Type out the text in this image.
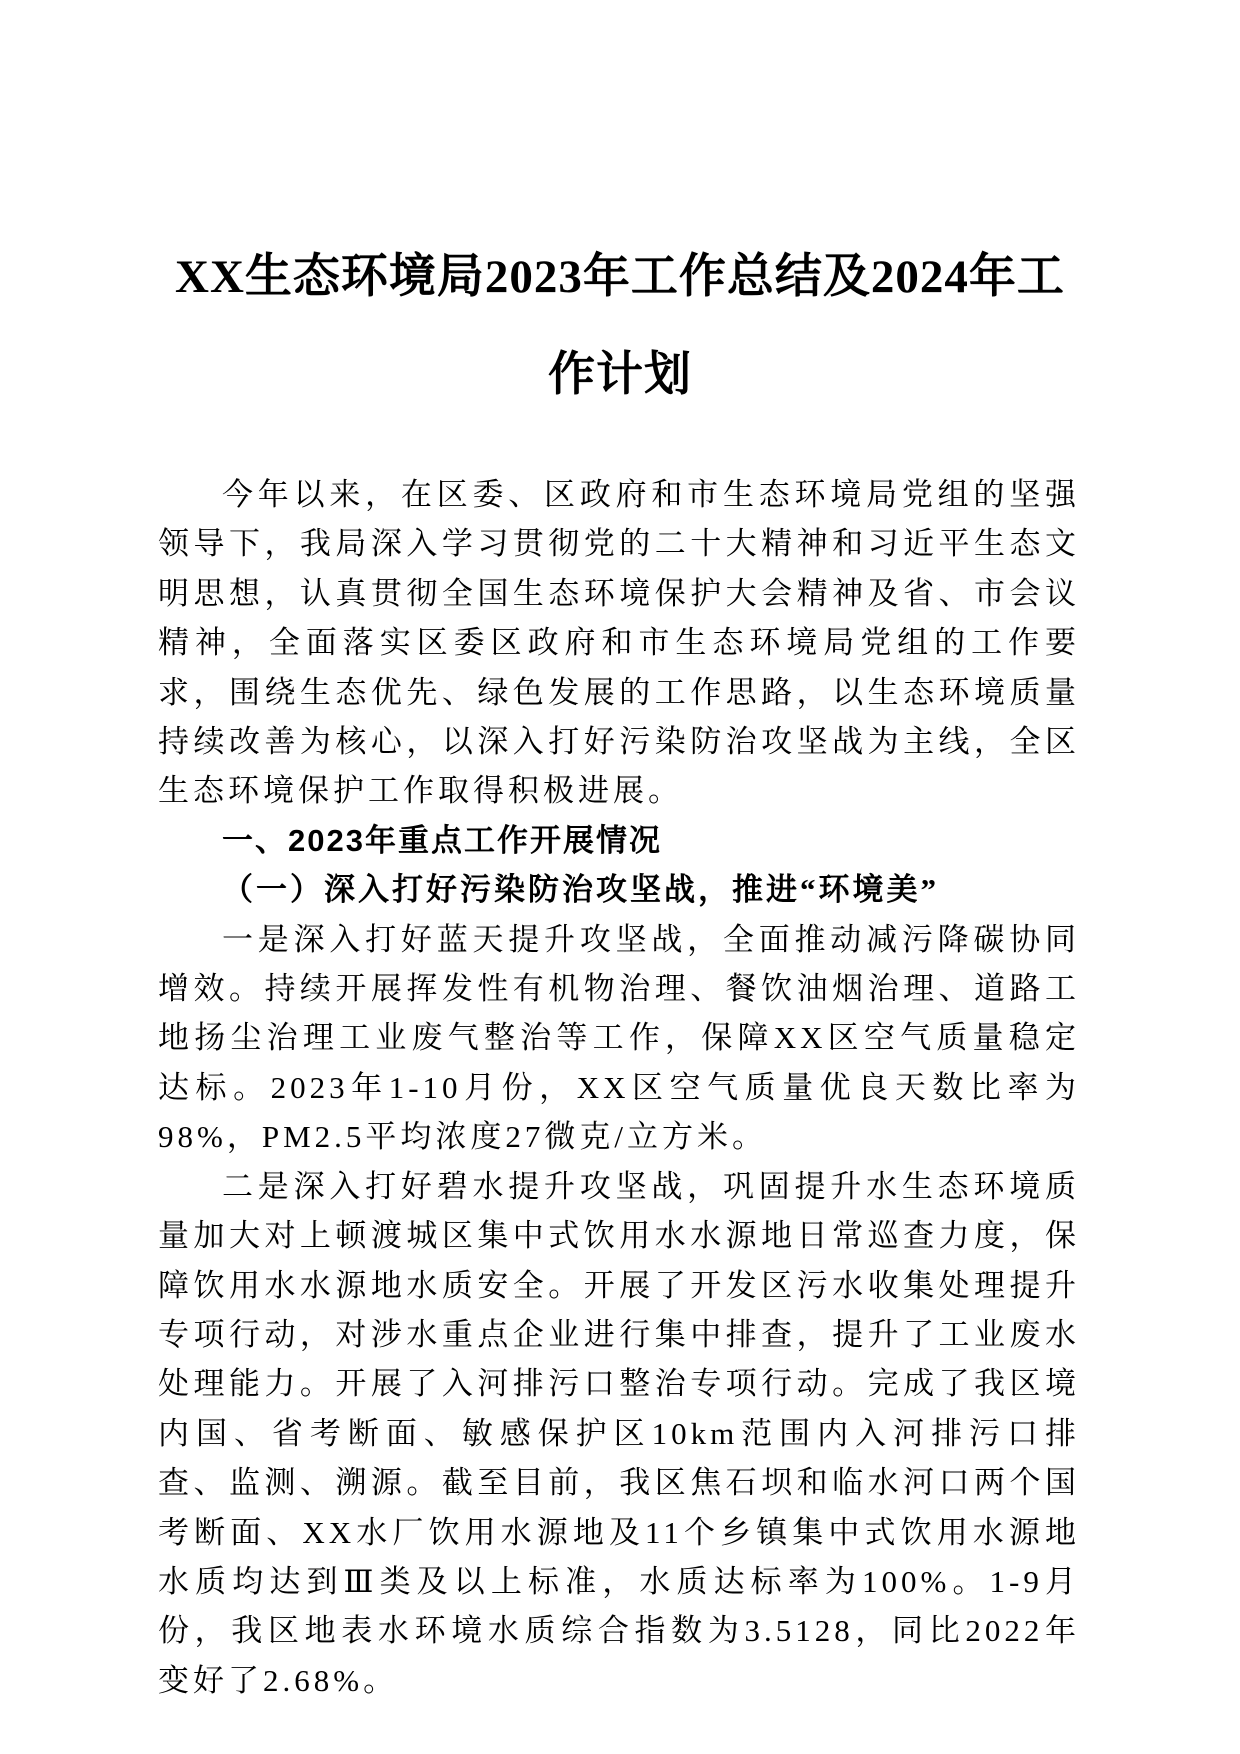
XX生态环境局2023年工作总结及2024年工
作计划

今年以来，在区委、区政府和市生态环境局党组的坚强领导下，我局深入学习贯彻党的二十大精神和习近平生态文明思想，认真贯彻全国生态环境保护大会精神及省、市会议精神，全面落实区委区政府和市生态环境局党组的工作要求，围绕生态优先、绿色发展的工作思路，以生态环境质量持续改善为核心，以深入打好污染防治攻坚战为主线，全区生态环境保护工作取得积极进展。

一、2023年重点工作开展情况

（一）深入打好污染防治攻坚战，推进“环境美”

一是深入打好蓝天提升攻坚战，全面推动减污降碳协同增效。持续开展挥发性有机物治理、餐饮油烟治理、道路工地扬尘治理工业废气整治等工作，保障XX区空气质量稳定达标。2023年1-10月份，XX区空气质量优良天数比率为98%，PM2.5平均浓度27微克/立方米。

二是深入打好碧水提升攻坚战，巩固提升水生态环境质量加大对上顿渡城区集中式饮用水水源地日常巡查力度，保障饮用水水源地水质安全。开展了开发区污水收集处理提升专项行动，对涉水重点企业进行集中排查，提升了工业废水处理能力。开展了入河排污口整治专项行动。完成了我区境内国、省考断面、敏感保护区10km范围内入河排污口排查、监测、溯源。截至目前，我区焦石坝和临水河口两个国考断面、XX水厂饮用水源地及11个乡镇集中式饮用水源地水质均达到Ⅲ类及以上标准，水质达标率为100%。1-9月份，我区地表水环境水质综合指数为3.5128，同比2022年变好了2.68%。
